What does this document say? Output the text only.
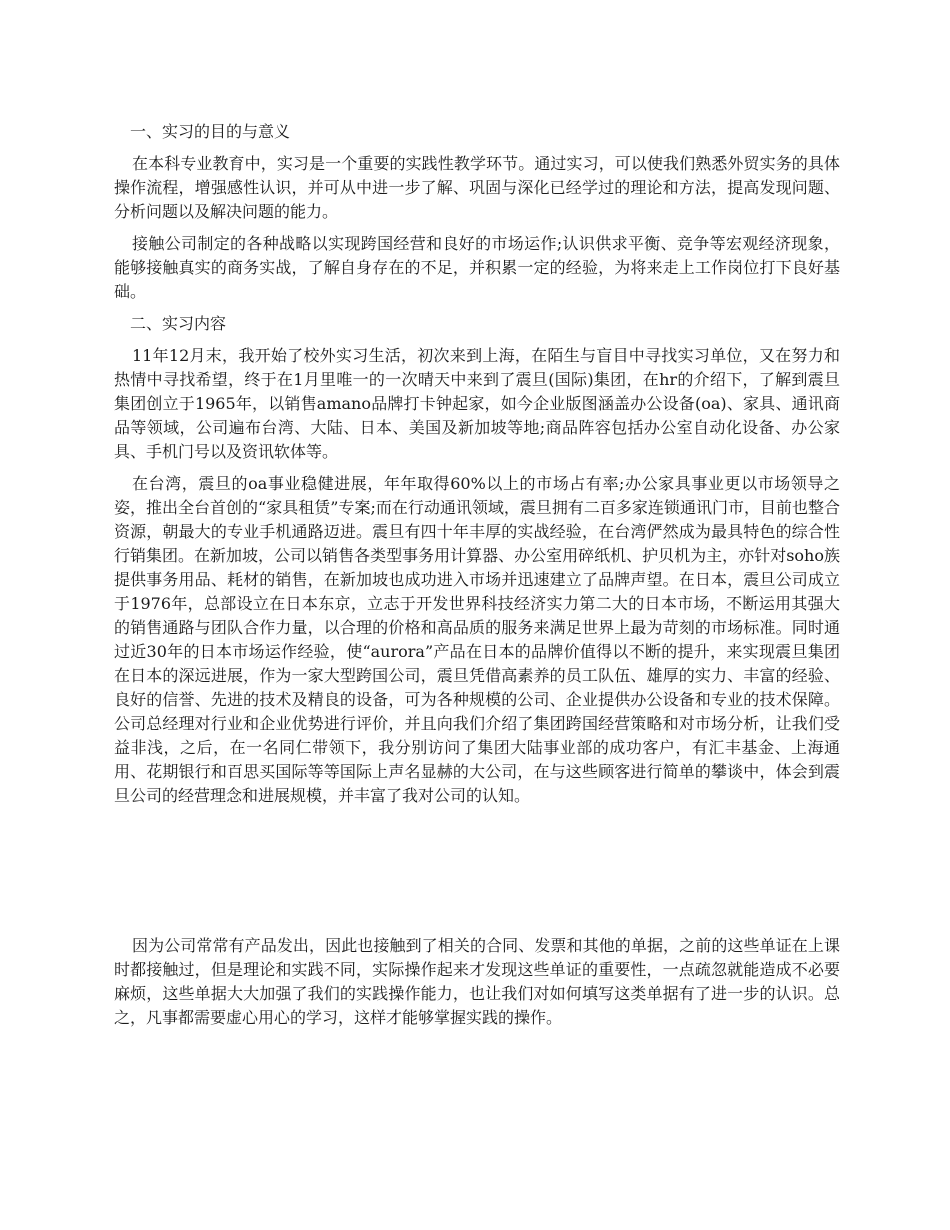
一、实习的目的与意义

在本科专业教育中，实习是一个重要的实践性教学环节。通过实习，可以使我们熟悉外贸实务的具体操作流程，增强感性认识，并可从中进一步了解、巩固与深化已经学过的理论和方法，提高发现问题、分析问题以及解决问题的能力。

接触公司制定的各种战略以实现跨国经营和良好的市场运作;认识供求平衡、竞争等宏观经济现象，能够接触真实的商务实战，了解自身存在的不足，并积累一定的经验，为将来走上工作岗位打下良好基础。

二、实习内容

11年12月末，我开始了校外实习生活，初次来到上海，在陌生与盲目中寻找实习单位，又在努力和热情中寻找希望，终于在1月里唯一的一次晴天中来到了震旦(国际)集团，在hr的介绍下，了解到震旦集团创立于1965年，以销售amano品牌打卡钟起家，如今企业版图涵盖办公设备(oa)、家具、通讯商品等领域，公司遍布台湾、大陆、日本、美国及新加坡等地;商品阵容包括办公室自动化设备、办公家具、手机门号以及资讯软体等。

在台湾，震旦的oa事业稳健进展，年年取得60%以上的市场占有率;办公家具事业更以市场领导之姿，推出全台首创的“家具租赁”专案;而在行动通讯领域，震旦拥有二百多家连锁通讯门市，目前也整合资源，朝最大的专业手机通路迈进。震旦有四十年丰厚的实战经验，在台湾俨然成为最具特色的综合性行销集团。在新加坡，公司以销售各类型事务用计算器、办公室用碎纸机、护贝机为主，亦针对soho族提供事务用品、耗材的销售，在新加坡也成功进入市场并迅速建立了品牌声望。在日本，震旦公司成立于1976年，总部设立在日本东京，立志于开发世界科技经济实力第二大的日本市场，不断运用其强大的销售通路与团队合作力量，以合理的价格和高品质的服务来满足世界上最为苛刻的市场标准。同时通过近30年的日本市场运作经验，使“aurora”产品在日本的品牌价值得以不断的提升，来实现震旦集团在日本的深远进展，作为一家大型跨国公司，震旦凭借高素养的员工队伍、雄厚的实力、丰富的经验、良好的信誉、先进的技术及精良的设备，可为各种规模的公司、企业提供办公设备和专业的技术保障。公司总经理对行业和企业优势进行评价，并且向我们介绍了集团跨国经营策略和对市场分析，让我们受益非浅，之后，在一名同仁带领下，我分别访问了集团大陆事业部的成功客户，有汇丰基金、上海通用、花期银行和百思买国际等等国际上声名显赫的大公司，在与这些顾客进行简单的攀谈中，体会到震旦公司的经营理念和进展规模，并丰富了我对公司的认知。

因为公司常常有产品发出，因此也接触到了相关的合同、发票和其他的单据，之前的这些单证在上课时都接触过，但是理论和实践不同，实际操作起来才发现这些单证的重要性，一点疏忽就能造成不必要麻烦，这些单据大大加强了我们的实践操作能力，也让我们对如何填写这类单据有了进一步的认识。总之，凡事都需要虚心用心的学习，这样才能够掌握实践的操作。
